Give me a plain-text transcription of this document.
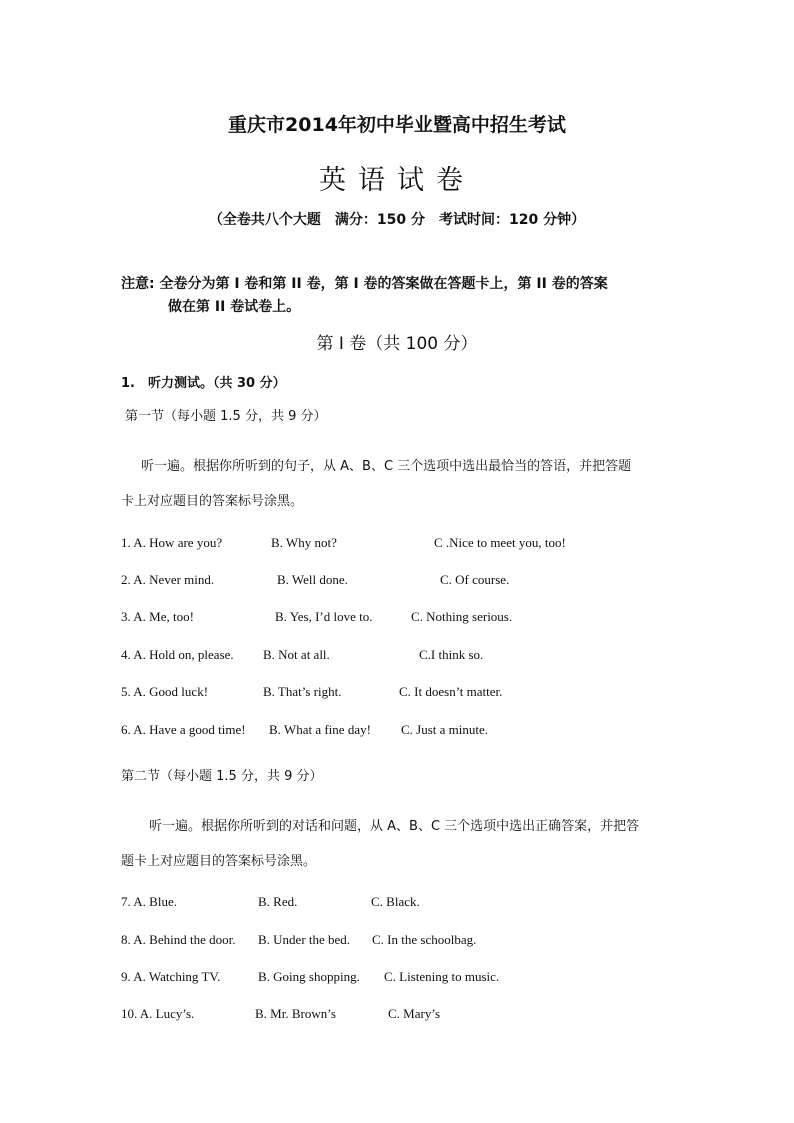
重庆市2014年初中毕业暨高中招生考试
英语试卷
（全卷共八个大题　满分：150 分　考试时间：120 分钟）
注意: 全卷分为第 I 卷和第 II 卷，第 I 卷的答案做在答题卡上，第 II 卷的答案
做在第 II 卷试卷上。
第 I 卷（共 100 分）
1.　听力测试。（共 30 分）
第一节（每小题 1.5 分，共 9 分）
听一遍。根据你所听到的句子，从 A、B、C 三个选项中选出最恰当的答语，并把答题
卡上对应题目的答案标号涂黑。
1. A. How are you?	B. Why not?	C .Nice to meet you, too!
2. A. Never mind.	B. Well done.	C. Of course.
3. A. Me, too!	B. Yes, I’d love to.	C. Nothing serious.
4. A. Hold on, please. B. Not at all.	C.I think so.
5. A. Good luck!	B. That’s right.	C. It doesn’t matter.
6. A. Have a good time! B. What a fine day! C. Just a minute.
第二节（每小题 1.5 分，共 9 分）
听一遍。根据你所听到的对话和问题，从 A、B、C 三个选项中选出正确答案，并把答
题卡上对应题目的答案标号涂黑。
7. A. Blue.	B. Red.	C. Black.
8. A. Behind the door. B. Under the bed. C. In the schoolbag.
9. A. Watching TV.	B. Going shopping. C. Listening to music.
10. A. Lucy’s.	B. Mr. Brown’s	C. Mary’s
